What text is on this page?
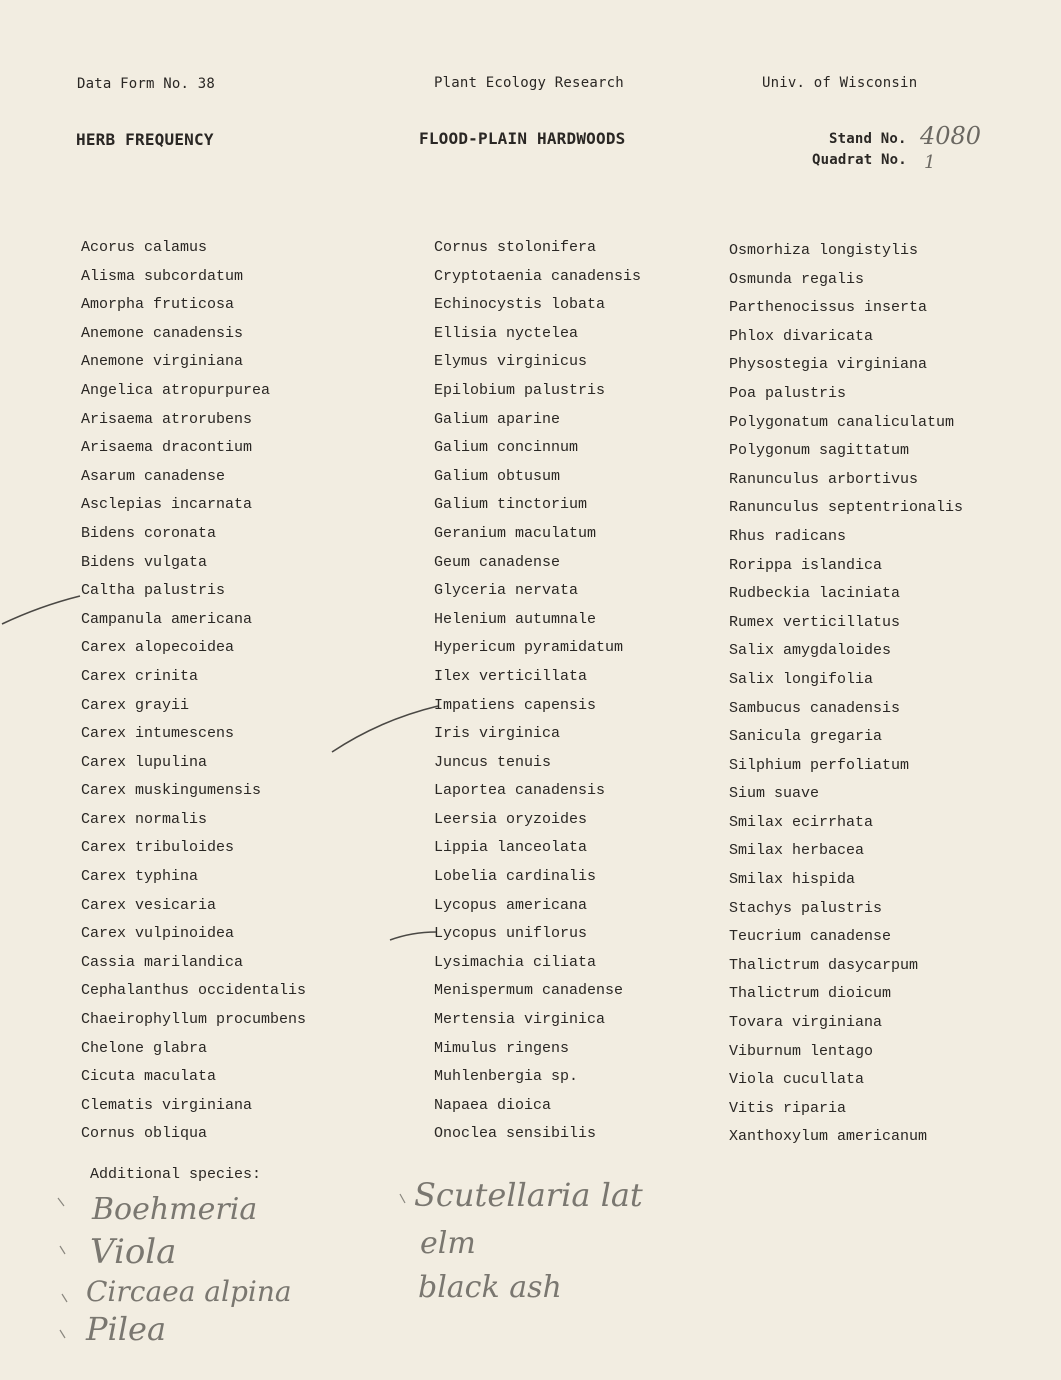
Data Form No. 38	Plant Ecology Research	Univ. of Wisconsin
HERB FREQUENCY	FLOOD-PLAIN HARDWOODS	Stand No. 4080
Quadrat No. 1
Acorus calamus
Alisma subcordatum
Amorpha fruticosa
Anemone canadensis
Anemone virginiana
Angelica atropurpurea
Arisaema atrorubens
Arisaema dracontium
Asarum canadense
Asclepias incarnata
Bidens coronata
Bidens vulgata
Caltha palustris
Campanula americana
Carex alopecoidea
Carex crinita
Carex grayii
Carex intumescens
Carex lupulina
Carex muskingumensis
Carex normalis
Carex tribuloides
Carex typhina
Carex vesicaria
Carex vulpinoidea
Cassia marilandica
Cephalanthus occidentalis
Chaeirophyllum procumbens
Chelone glabra
Cicuta maculata
Clematis virginiana
Cornus obliqua
Cornus stolonifera
Cryptotaenia canadensis
Echinocystis lobata
Ellisia nyctelea
Elymus virginicus
Epilobium palustris
Galium aparine
Galium concinnum
Galium obtusum
Galium tinctorium
Geranium maculatum
Geum canadense
Glyceria nervata
Helenium autumnale
Hypericum pyramidatum
Ilex verticillata
Impatiens capensis
Iris virginica
Juncus tenuis
Laportea canadensis
Leersia oryzoides
Lippia lanceolata
Lobelia cardinalis
Lycopus americana
Lycopus uniflorus
Lysimachia ciliata
Menispermum canadense
Mertensia virginica
Mimulus ringens
Muhlenbergia sp.
Napaea dioica
Onoclea sensibilis
Osmorhiza longistylis
Osmunda regalis
Parthenocissus inserta
Phlox divaricata
Physostegia virginiana
Poa palustris
Polygonatum canaliculatum
Polygonum sagittatum
Ranunculus arbortivus
Ranunculus septentrionalis
Rhus radicans
Rorippa islandica
Rudbeckia laciniata
Rumex verticillatus
Salix amygdaloides
Salix longifolia
Sambucus canadensis
Sanicula gregaria
Silphium perfoliatum
Sium suave
Smilax ecirrhata
Smilax herbacea
Smilax hispida
Stachys palustris
Teucrium canadense
Thalictrum dasycarpum
Thalictrum dioicum
Tovara virginiana
Viburnum lentago
Viola cucullata
Vitis riparia
Xanthoxylum americanum
Additional species:
Boehmeria
Viola
Circaea alpina
Pilea
Scutellaria lat
elm
black ash
